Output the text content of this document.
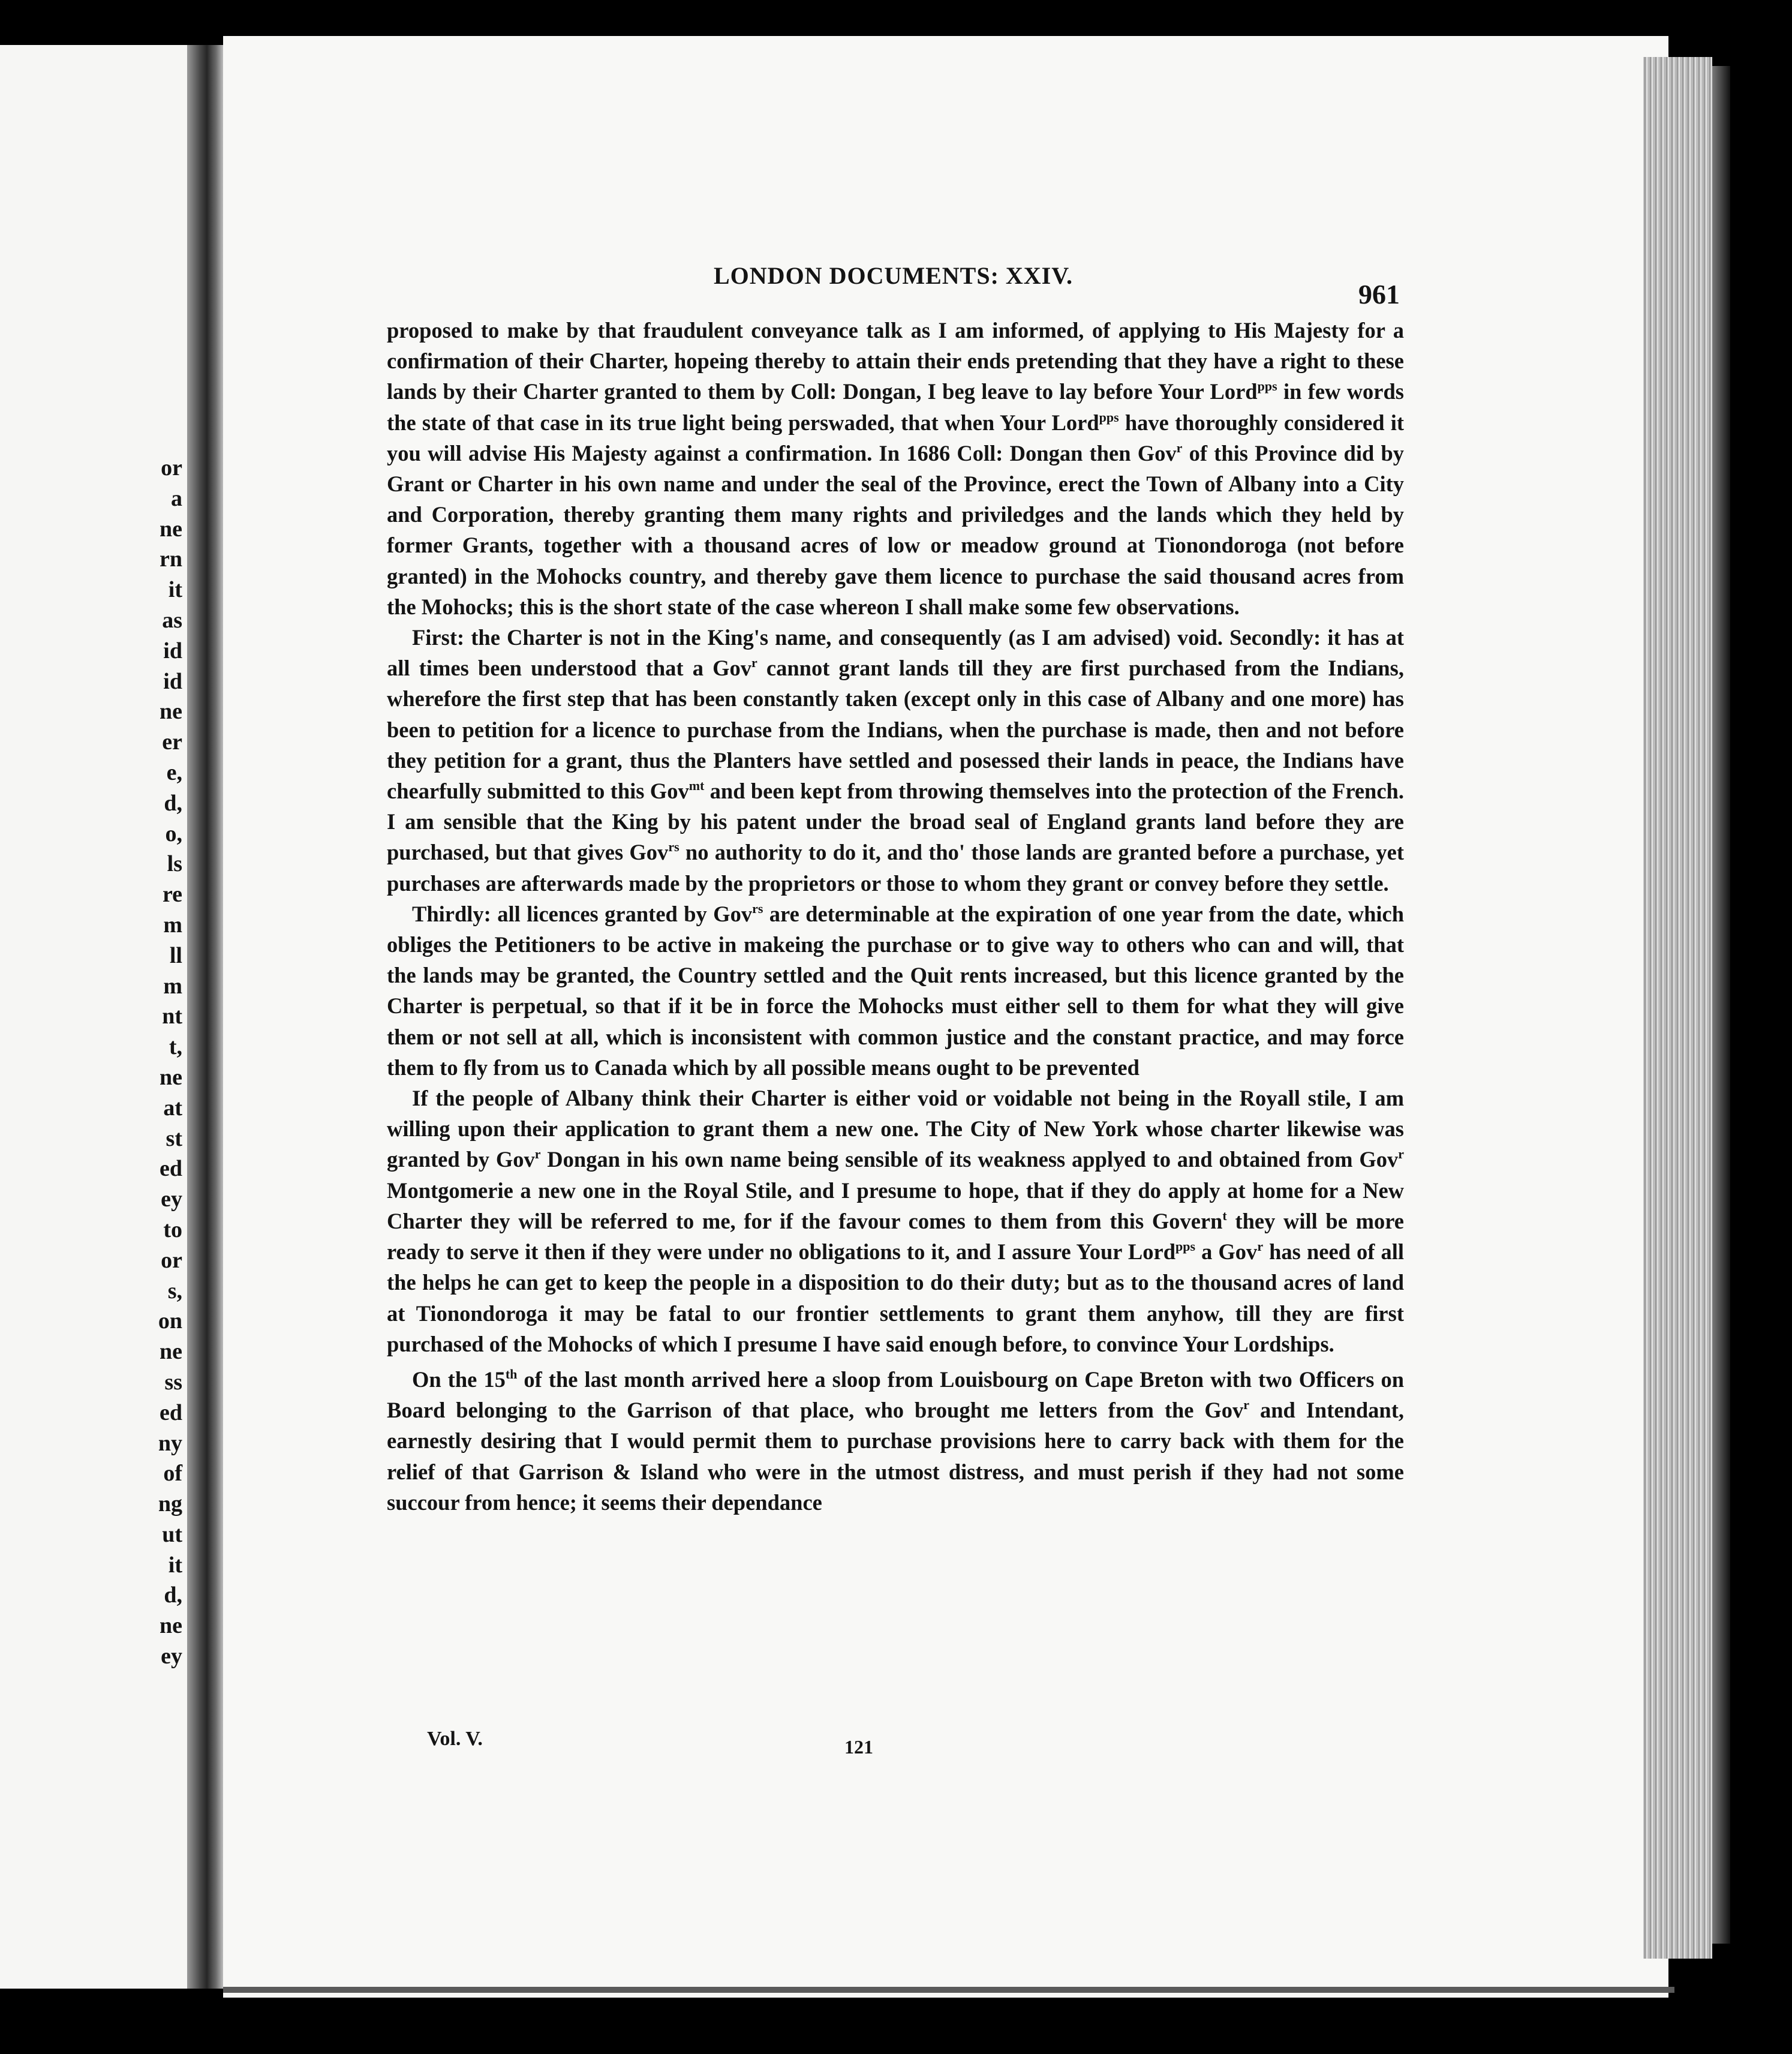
or
a
ne
rn
it
as
id
id
ne
er
e,
d,
o,
ls
re
m
ll
m
nt
t,
ne
at
st
ed
ey
to
or
s,
on
ne
ss
ed
ny
of
ng
ut
it
d,
ne
ey
LONDON DOCUMENTS: XXIV.
961

proposed to make by that fraudulent conveyance talk as I am informed, of applying to His Majesty for a confirmation of their Charter, hopeing thereby to attain their ends pretending that they have a right to these lands by their Charter granted to them by Coll: Dongan, I beg leave to lay before Your Lord$^{pps}$ in few words the state of that case in its true light being perswaded, that when Your Lord$^{pps}$ have thoroughly considered it you will advise His Majesty against a confirmation. In 1686 Coll: Dongan then Gov$^r$ of this Province did by Grant or Charter in his own name and under the seal of the Province, erect the Town of Albany into a City and Corporation, thereby granting them many rights and priviledges and the lands which they held by former Grants, together with a thousand acres of low or meadow ground at Tionondoroga (not before granted) in the Mohocks country, and thereby gave them licence to purchase the said thousand acres from the Mohocks; this is the short state of the case whereon I shall make some few observations.

First: the Charter is not in the King's name, and consequently (as I am advised) void. Secondly: it has at all times been understood that a Gov$^r$ cannot grant lands till they are first purchased from the Indians, wherefore the first step that has been constantly taken (except only in this case of Albany and one more) has been to petition for a licence to purchase from the Indians, when the purchase is made, then and not before they petition for a grant, thus the Planters have settled and posessed their lands in peace, the Indians have chearfully submitted to this Gov$^{mt}$ and been kept from throwing themselves into the protection of the French. I am sensible that the King by his patent under the broad seal of England grants land before they are purchased, but that gives Gov$^{rs}$ no authority to do it, and tho' those lands are granted before a purchase, yet purchases are afterwards made by the proprietors or those to whom they grant or convey before they settle.

Thirdly: all licences granted by Gov$^{rs}$ are determinable at the expiration of one year from the date, which obliges the Petitioners to be active in makeing the purchase or to give way to others who can and will, that the lands may be granted, the Country settled and the Quit rents increased, but this licence granted by the Charter is perpetual, so that if it be in force the Mohocks must either sell to them for what they will give them or not sell at all, which is inconsistent with common justice and the constant practice, and may force them to fly from us to Canada which by all possible means ought to be prevented

If the people of Albany think their Charter is either void or voidable not being in the Royall stile, I am willing upon their application to grant them a new one. The City of New York whose charter likewise was granted by Gov$^r$ Dongan in his own name being sensible of its weakness applyed to and obtained from Gov$^r$ Montgomerie a new one in the Royal Stile, and I presume to hope, that if they do apply at home for a New Charter they will be referred to me, for if the favour comes to them from this Govern$^t$ they will be more ready to serve it then if they were under no obligations to it, and I assure Your Lord$^{pps}$ a Gov$^r$ has need of all the helps he can get to keep the people in a disposition to do their duty; but as to the thousand acres of land at Tionondoroga it may be fatal to our frontier settlements to grant them anyhow, till they are first purchased of the Mohocks of which I presume I have said enough before, to convince Your Lordships.

On the 15th of the last month arrived here a sloop from Louisbourg on Cape Breton with two Officers on Board belonging to the Garrison of that place, who brought me letters from the Gov$^r$ and Intendant, earnestly desiring that I would permit them to purchase provisions here to carry back with them for the relief of that Garrison & Island who were in the utmost distress, and must perish if they had not some succour from hence; it seems their dependance

Vol. V.	121
